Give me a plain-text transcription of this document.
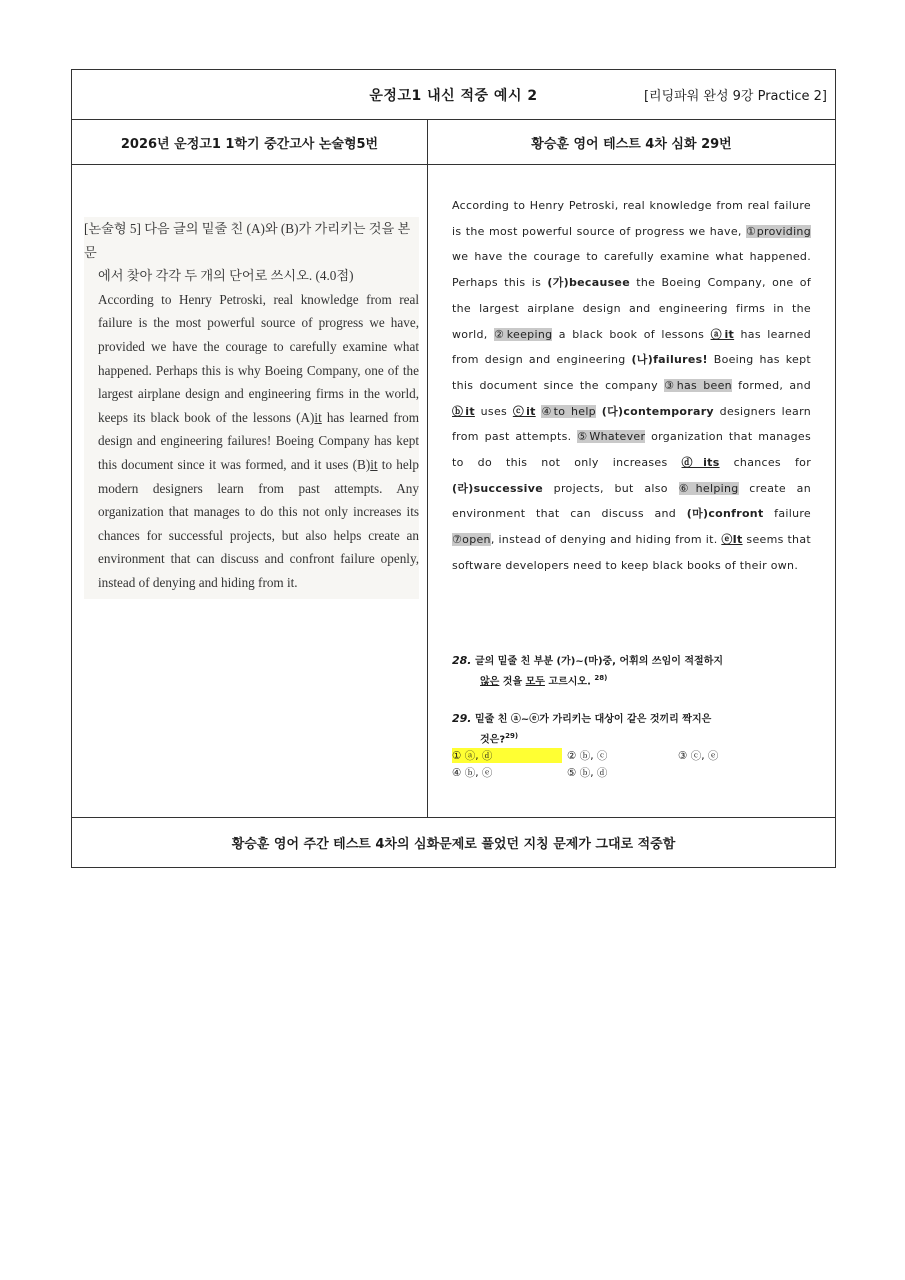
운정고1 내신 적중 예시 2	[리딩파워 완성 9강 Practice 2]
2026년 운정고1 1학기 중간고사 논술형5번	황승훈 영어 테스트 4차 심화 29번
[논술형 5] 다음 글의 밑줄 친 (A)와 (B)가 가리키는 것을 본문
에서 찾아 각각 두 개의 단어로 쓰시오. (4.0점)
According to Henry Petroski, real knowledge from real failure is the most powerful source of progress we have, provided we have the courage to carefully examine what happened. Perhaps this is why Boeing Company, one of the largest airplane design and engineering firms in the world, keeps its black book of the lessons (A)it has learned from design and engineering failures! Boeing Company has kept this document since it was formed, and it uses (B)it to help modern designers learn from past attempts. Any organization that manages to do this not only increases its chances for successful projects, but also helps create an environment that can discuss and confront failure openly, instead of denying and hiding from it.
According to Henry Petroski, real knowledge from real failure is the most powerful source of progress we have, ①providing we have the courage to carefully examine what happened. Perhaps this is (가)becausee the Boeing Company, one of the largest airplane design and engineering firms in the world, ②keeping a black book of lessons ⓐit has learned from design and engineering (나)failures! Boeing has kept this document since the company ③has been formed, and ⓑit uses ⓒit ④to help (다)contemporary designers learn from past attempts. ⑤Whatever organization that manages to do this not only increases ⓓits chances for (라)successive projects, but also ⑥helping create an environment that can discuss and (마)confront failure ⑦open, instead of denying and hiding from it. ⓔIt seems that software developers need to keep black books of their own.
28. 글의 밑줄 친 부분 (가)~(마)중, 어휘의 쓰임이 적절하지
않은 것을 모두 고르시오. $^{28)}$
29. 밑줄 친 ⓐ~ⓔ가 가리키는 대상이 같은 것끼리 짝지은
것은?$^{29)}$
① ⓐ, ⓓ	② ⓑ, ⓒ	③ ⓒ, ⓔ
④ ⓑ, ⓔ	⑤ ⓑ, ⓓ
황승훈 영어 주간 테스트 4차의 심화문제로 풀었던 지칭 문제가 그대로 적중함
